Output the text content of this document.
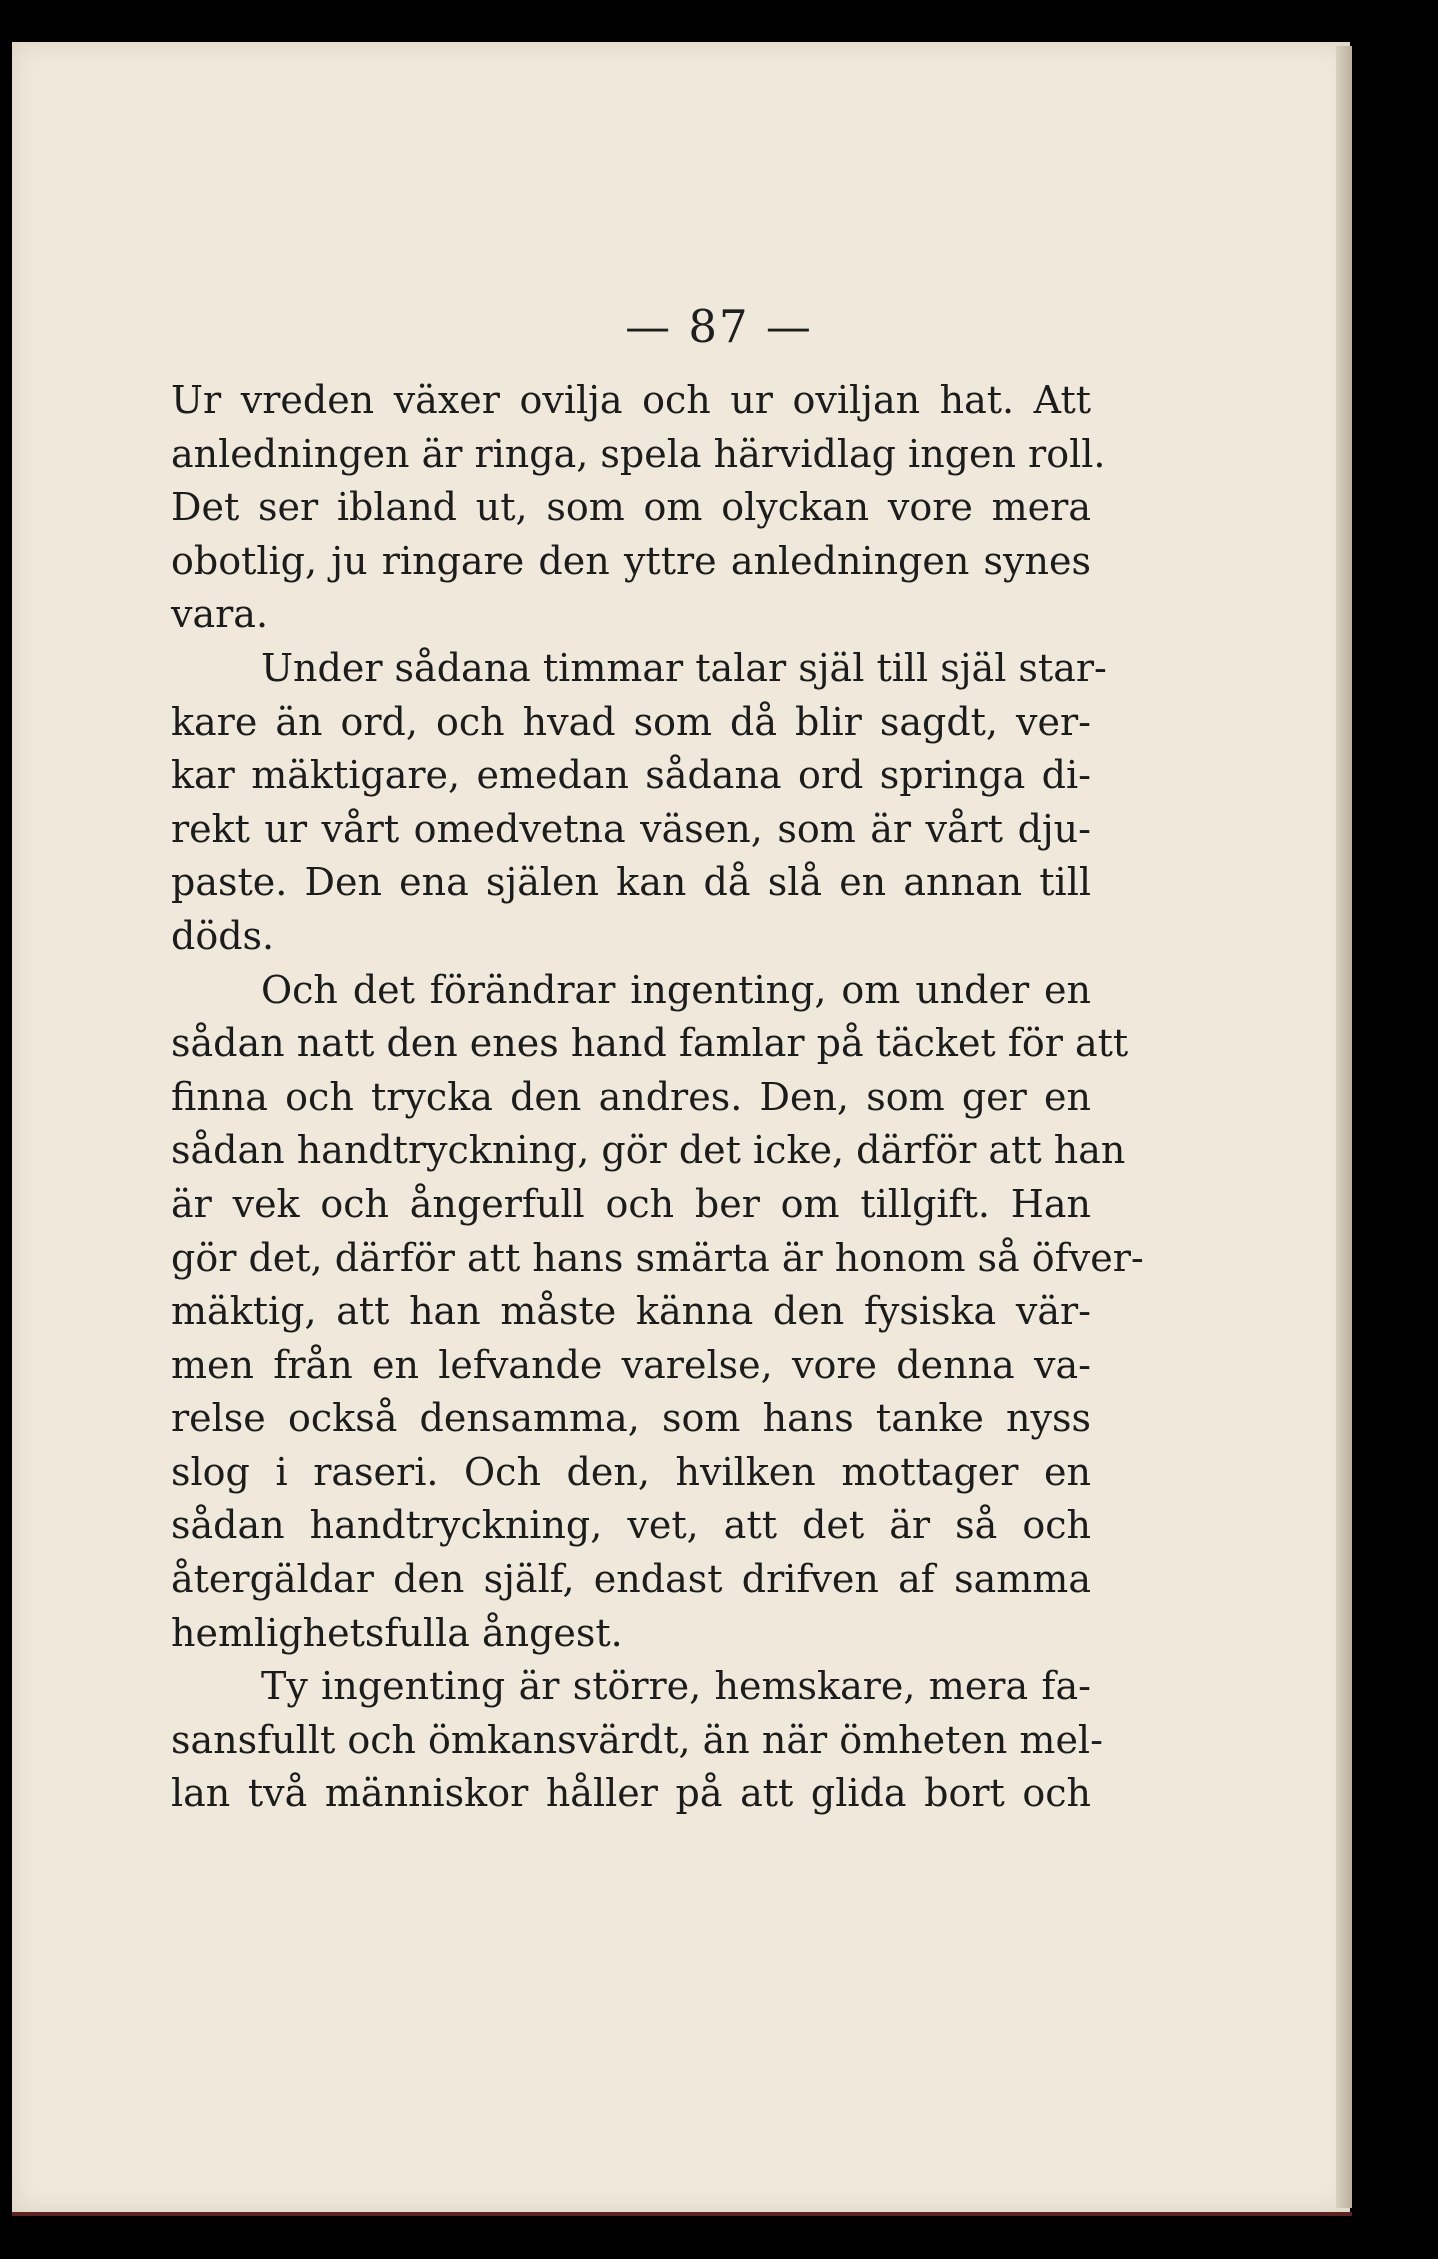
— 87 —
Ur vreden växer ovilja och ur oviljan hat. Att
anledningen är ringa, spela härvidlag ingen roll.
Det ser ibland ut, som om olyckan vore mera
obotlig, ju ringare den yttre anledningen synes
vara.
Under sådana timmar talar själ till själ star-
kare än ord, och hvad som då blir sagdt, ver-
kar mäktigare, emedan sådana ord springa di-
rekt ur vårt omedvetna väsen, som är vårt dju-
paste. Den ena själen kan då slå en annan till
döds.
Och det förändrar ingenting, om under en
sådan natt den enes hand famlar på täcket för att
finna och trycka den andres. Den, som ger en
sådan handtryckning, gör det icke, därför att han
är vek och ångerfull och ber om tillgift. Han
gör det, därför att hans smärta är honom så öfver-
mäktig, att han måste känna den fysiska vär-
men från en lefvande varelse, vore denna va-
relse också densamma, som hans tanke nyss
slog i raseri. Och den, hvilken mottager en
sådan handtryckning, vet, att det är så och
återgäldar den själf, endast drifven af samma
hemlighetsfulla ångest.
Ty ingenting är större, hemskare, mera fa-
sansfullt och ömkansvärdt, än när ömheten mel-
lan två människor håller på att glida bort och
